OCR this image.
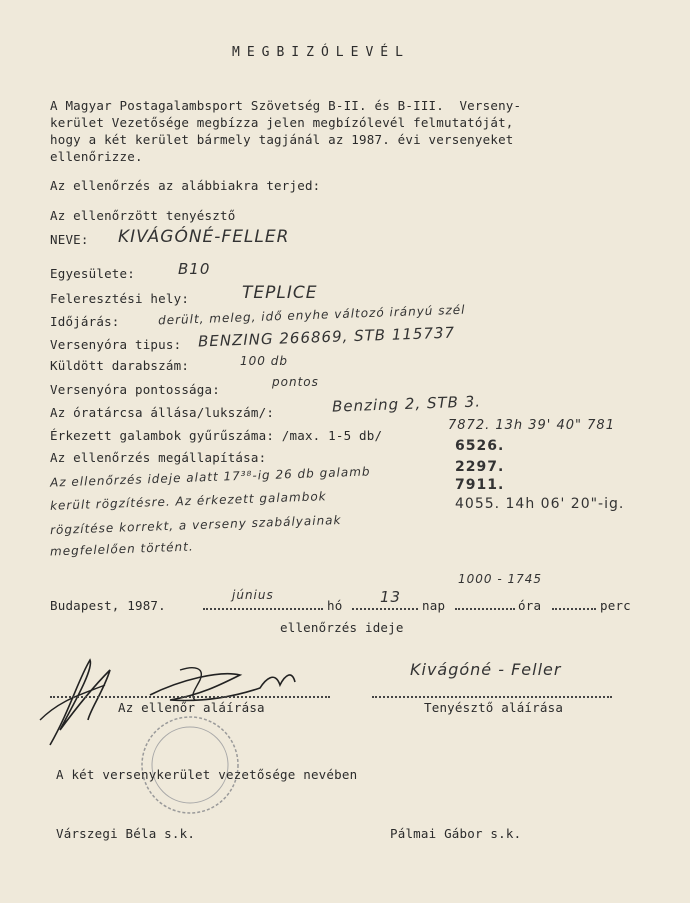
MEGBIZÓLEVÉL
A Magyar Postagalambsport Szövetség B-II. és B-III.  Verseny-
kerület Vezetősége megbízza jelen megbízólevél felmutatóját,
hogy a két kerület bármely tagjánál az 1987. évi versenyeket
ellenőrizze.
Az ellenőrzés az alábbiakra terjed:
Az ellenőrzött tenyésztő
NEVE: KIVÁGÓNÉ-FELLER
Egyesülete:	B10
Feleresztési hely:	TEPLICE
Időjárás:	derült, meleg, idő enyhe változó irányú szél
Versenyóra tipus: BENZING 266869, STB 115737
Küldött darabszám:	100 db
Versenyóra pontossága:	pontos
Az óratárcsa állása/lukszám/:	Benzing 2, STB 3.
Érkezett galambok gyűrűszáma: /max. 1-5 db/
7872. 13h 39' 40" 781
Az ellenőrzés megállapítása:
Az ellenőrzés ideje alatt 17³⁸-ig 26 db galamb
került rögzítésre. Az érkezett galambok
rögzítése korrekt, a verseny szabályainak
megfelelően történt.
6526.
2297.
7911.
4055. 14h 06' 20"-ig.
1000 - 1745
Budapest, 1987.
június
hó	13 nap	óra	perc
ellenőrzés ideje
Kivágóné - Feller
Az ellenőr aláírása	Tenyésztő aláírása
A két versenykerület vezetősége nevében
Várszegi Béla s.k.	Pálmai Gábor s.k.
